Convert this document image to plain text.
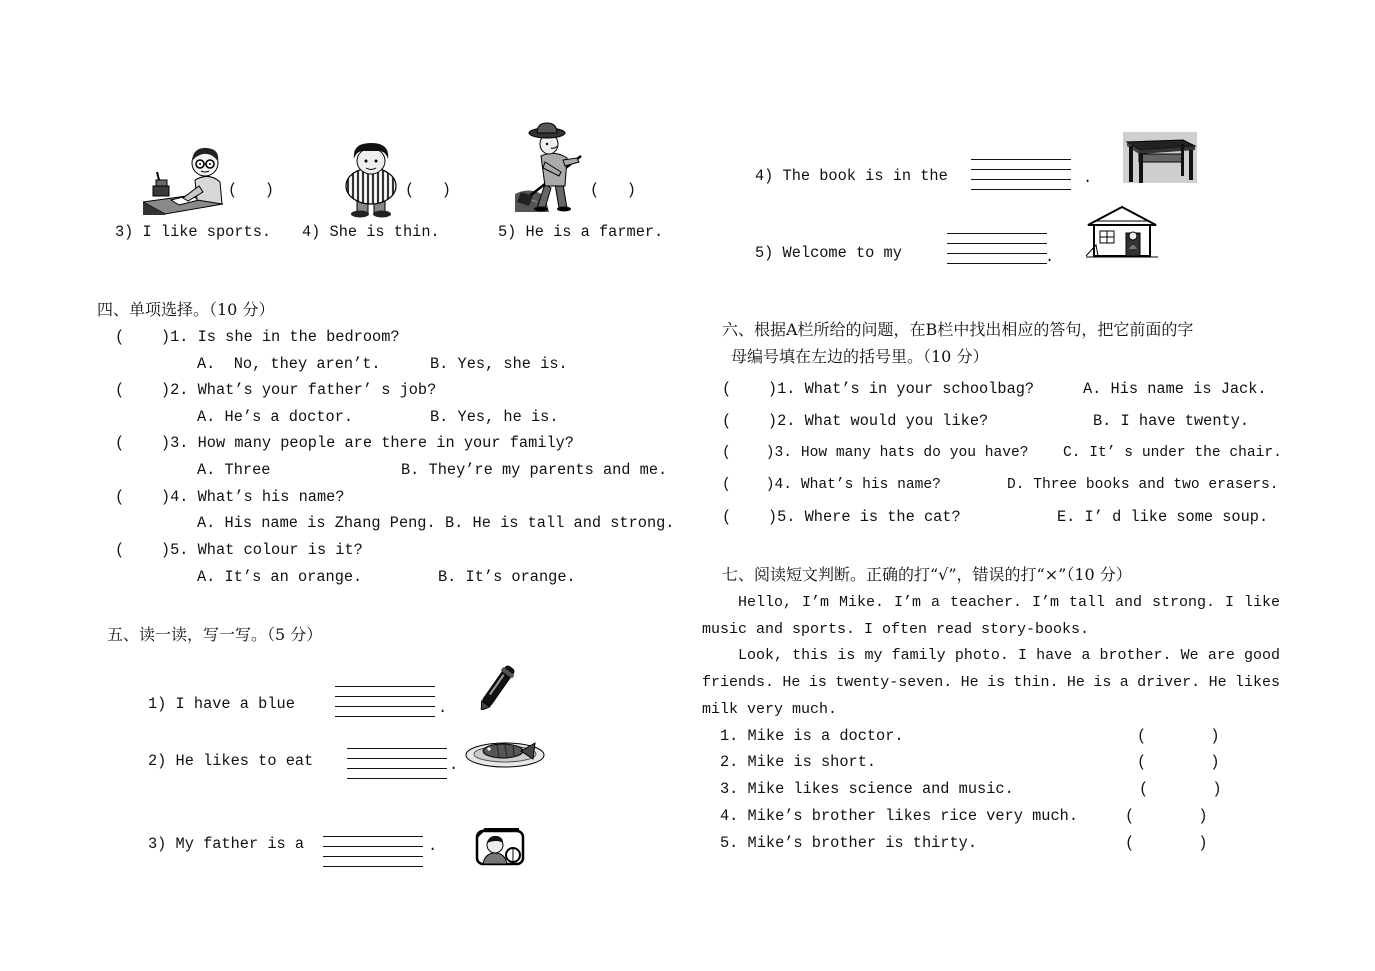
(   )	(   )	(   )
3) I like sports. 4) She is thin.	5) He is a farmer.
四、单项选择。（10 分）
(    )1. Is she in the bedroom?
A.  No, they aren’t.	B. Yes, she is.
(    )2. What’s your father’ s job?
A. He’s a doctor.	B. Yes, he is.
(    )3. How many people are there in your family?
A. Three	B. They’re my parents and me.
(    )4. What’s his name?
A. His name is Zhang Peng. B. He is tall and strong.
(    )5. What colour is it?
A. It’s an orange.	B. It’s orange.
五、读一读，写一写。（5 分）
1) I have a blue	.
2) He likes to eat	.
3) My father is a	.
4) The book is in the	.
5) Welcome to my	.
六、根据A栏所给的问题，在B栏中找出相应的答句，把它前面的字
母编号填在左边的括号里。（10 分）
(    )1. What’s in your schoolbag?	A. His name is Jack.
(    )2. What would you like?	B. I have twenty.
(    )3. How many hats do you have? C. It’ s under the chair.
(    )4. What’s his name?	D. Three books and two erasers.
(    )5. Where is the cat?	E. I’ d like some soup.
七、阅读短文判断。正确的打“√”，错误的打“×”（10 分）
Hello, I’m Mike. I’m a teacher. I’m tall and strong. I like
music and sports. I often read story-books.
Look, this is my family photo. I have a brother. We are good
friends. He is twenty-seven. He is thin. He is a driver. He likes
milk very much.
1. Mike is a doctor.	(       )
2. Mike is short.	(       )
3. Mike likes science and music.	(       )
4. Mike’s brother likes rice very much.	(       )
5. Mike’s brother is thirty.	(       )
